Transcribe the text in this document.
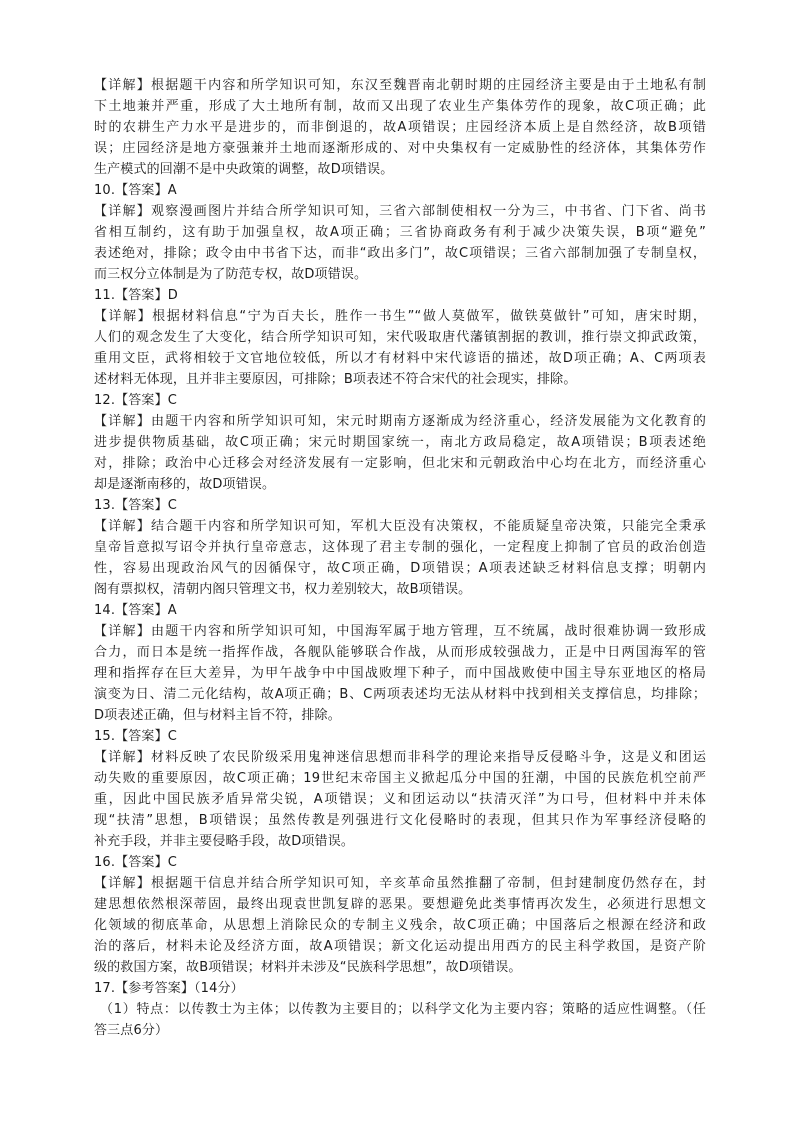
【详解】根据题干内容和所学知识可知，东汉至魏晋南北朝时期的庄园经济主要是由于土地私有制
下土地兼并严重，形成了大土地所有制，故而又出现了农业生产集体劳作的现象，故C项正确；此
时的农耕生产力水平是进步的，而非倒退的，故A项错误；庄园经济本质上是自然经济，故B项错
误；庄园经济是地方豪强兼并土地而逐渐形成的、对中央集权有一定威胁性的经济体，其集体劳作
生产模式的回潮不是中央政策的调整，故D项错误。
10.【答案】A
【详解】观察漫画图片并结合所学知识可知，三省六部制使相权一分为三，中书省、门下省、尚书
省相互制约，这有助于加强皇权，故A项正确；三省协商政务有利于减少决策失误，B项“避免”
表述绝对，排除；政令由中书省下达，而非“政出多门”，故C项错误；三省六部制加强了专制皇权，
而三权分立体制是为了防范专权，故D项错误。
11.【答案】D
【详解】根据材料信息“宁为百夫长，胜作一书生”“做人莫做军，做铁莫做针”可知，唐宋时期，
人们的观念发生了大变化，结合所学知识可知，宋代吸取唐代藩镇割据的教训，推行崇文抑武政策，
重用文臣，武将相较于文官地位较低，所以才有材料中宋代谚语的描述，故D项正确；A、C两项表
述材料无体现，且并非主要原因，可排除；B项表述不符合宋代的社会现实，排除。
12.【答案】C
【详解】由题干内容和所学知识可知，宋元时期南方逐渐成为经济重心，经济发展能为文化教育的
进步提供物质基础，故C项正确；宋元时期国家统一，南北方政局稳定，故A项错误；B项表述绝
对，排除；政治中心迁移会对经济发展有一定影响，但北宋和元朝政治中心均在北方，而经济重心
却是逐渐南移的，故D项错误。
13.【答案】C
【详解】结合题干内容和所学知识可知，军机大臣没有决策权，不能质疑皇帝决策，只能完全秉承
皇帝旨意拟写诏令并执行皇帝意志，这体现了君主专制的强化，一定程度上抑制了官员的政治创造
性，容易出现政治风气的因循保守，故C项正确，D项错误；A项表述缺乏材料信息支撑；明朝内
阁有票拟权，清朝内阁只管理文书，权力差别较大，故B项错误。
14.【答案】A
【详解】由题干内容和所学知识可知，中国海军属于地方管理，互不统属，战时很难协调一致形成
合力，而日本是统一指挥作战，各舰队能够联合作战，从而形成较强战力，正是中日两国海军的管
理和指挥存在巨大差异，为甲午战争中中国战败埋下种子，而中国战败使中国主导东亚地区的格局
演变为日、清二元化结构，故A项正确；B、C两项表述均无法从材料中找到相关支撑信息，均排除；
D项表述正确，但与材料主旨不符，排除。
15.【答案】C
【详解】材料反映了农民阶级采用鬼神迷信思想而非科学的理论来指导反侵略斗争，这是义和团运
动失败的重要原因，故C项正确；19世纪末帝国主义掀起瓜分中国的狂潮，中国的民族危机空前严
重，因此中国民族矛盾异常尖锐，A项错误；义和团运动以“扶清灭洋”为口号，但材料中并未体
现“扶清”思想，B项错误；虽然传教是列强进行文化侵略时的表现，但其只作为军事经济侵略的
补充手段，并非主要侵略手段，故D项错误。
16.【答案】C
【详解】根据题干信息并结合所学知识可知，辛亥革命虽然推翻了帝制，但封建制度仍然存在，封
建思想依然根深蒂固，最终出现袁世凯复辟的恶果。要想避免此类事情再次发生，必须进行思想文
化领域的彻底革命，从思想上消除民众的专制主义残余，故C项正确；中国落后之根源在经济和政
治的落后，材料未论及经济方面，故A项错误；新文化运动提出用西方的民主科学救国，是资产阶
级的救国方案，故B项错误；材料并未涉及“民族科学思想”，故D项错误。
17.【参考答案】（14分）
（1）特点：以传教士为主体；以传教为主要目的；以科学文化为主要内容；策略的适应性调整。（任
答三点6分）
